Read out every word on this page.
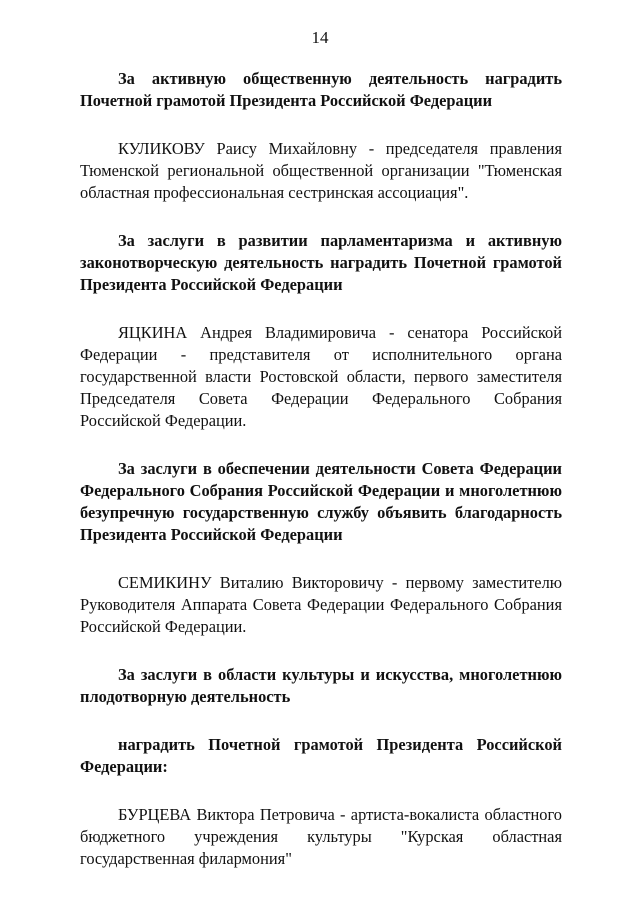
14

За активную общественную деятельность наградить Почетной грамотой Президента Российской Федерации

КУЛИКОВУ Раису Михайловну - председателя правления Тюменской региональной общественной организации "Тюменская областная профессиональная сестринская ассоциация".

За заслуги в развитии парламентаризма и активную законотворческую деятельность наградить Почетной грамотой Президента Российской Федерации

ЯЦКИНА Андрея Владимировича - сенатора Российской Федерации - представителя от исполнительного органа государственной власти Ростовской области, первого заместителя Председателя Совета Федерации Федерального Собрания Российской Федерации.

За заслуги в обеспечении деятельности Совета Федерации Федерального Собрания Российской Федерации и многолетнюю безупречную государственную службу объявить благодарность Президента Российской Федерации

СЕМИКИНУ Виталию Викторовичу - первому заместителю Руководителя Аппарата Совета Федерации Федерального Собрания Российской Федерации.

За заслуги в области культуры и искусства, многолетнюю плодотворную деятельность

наградить Почетной грамотой Президента Российской Федерации:

БУРЦЕВА Виктора Петровича - артиста-вокалиста областного бюджетного учреждения культуры "Курская областная государственная филармония"
